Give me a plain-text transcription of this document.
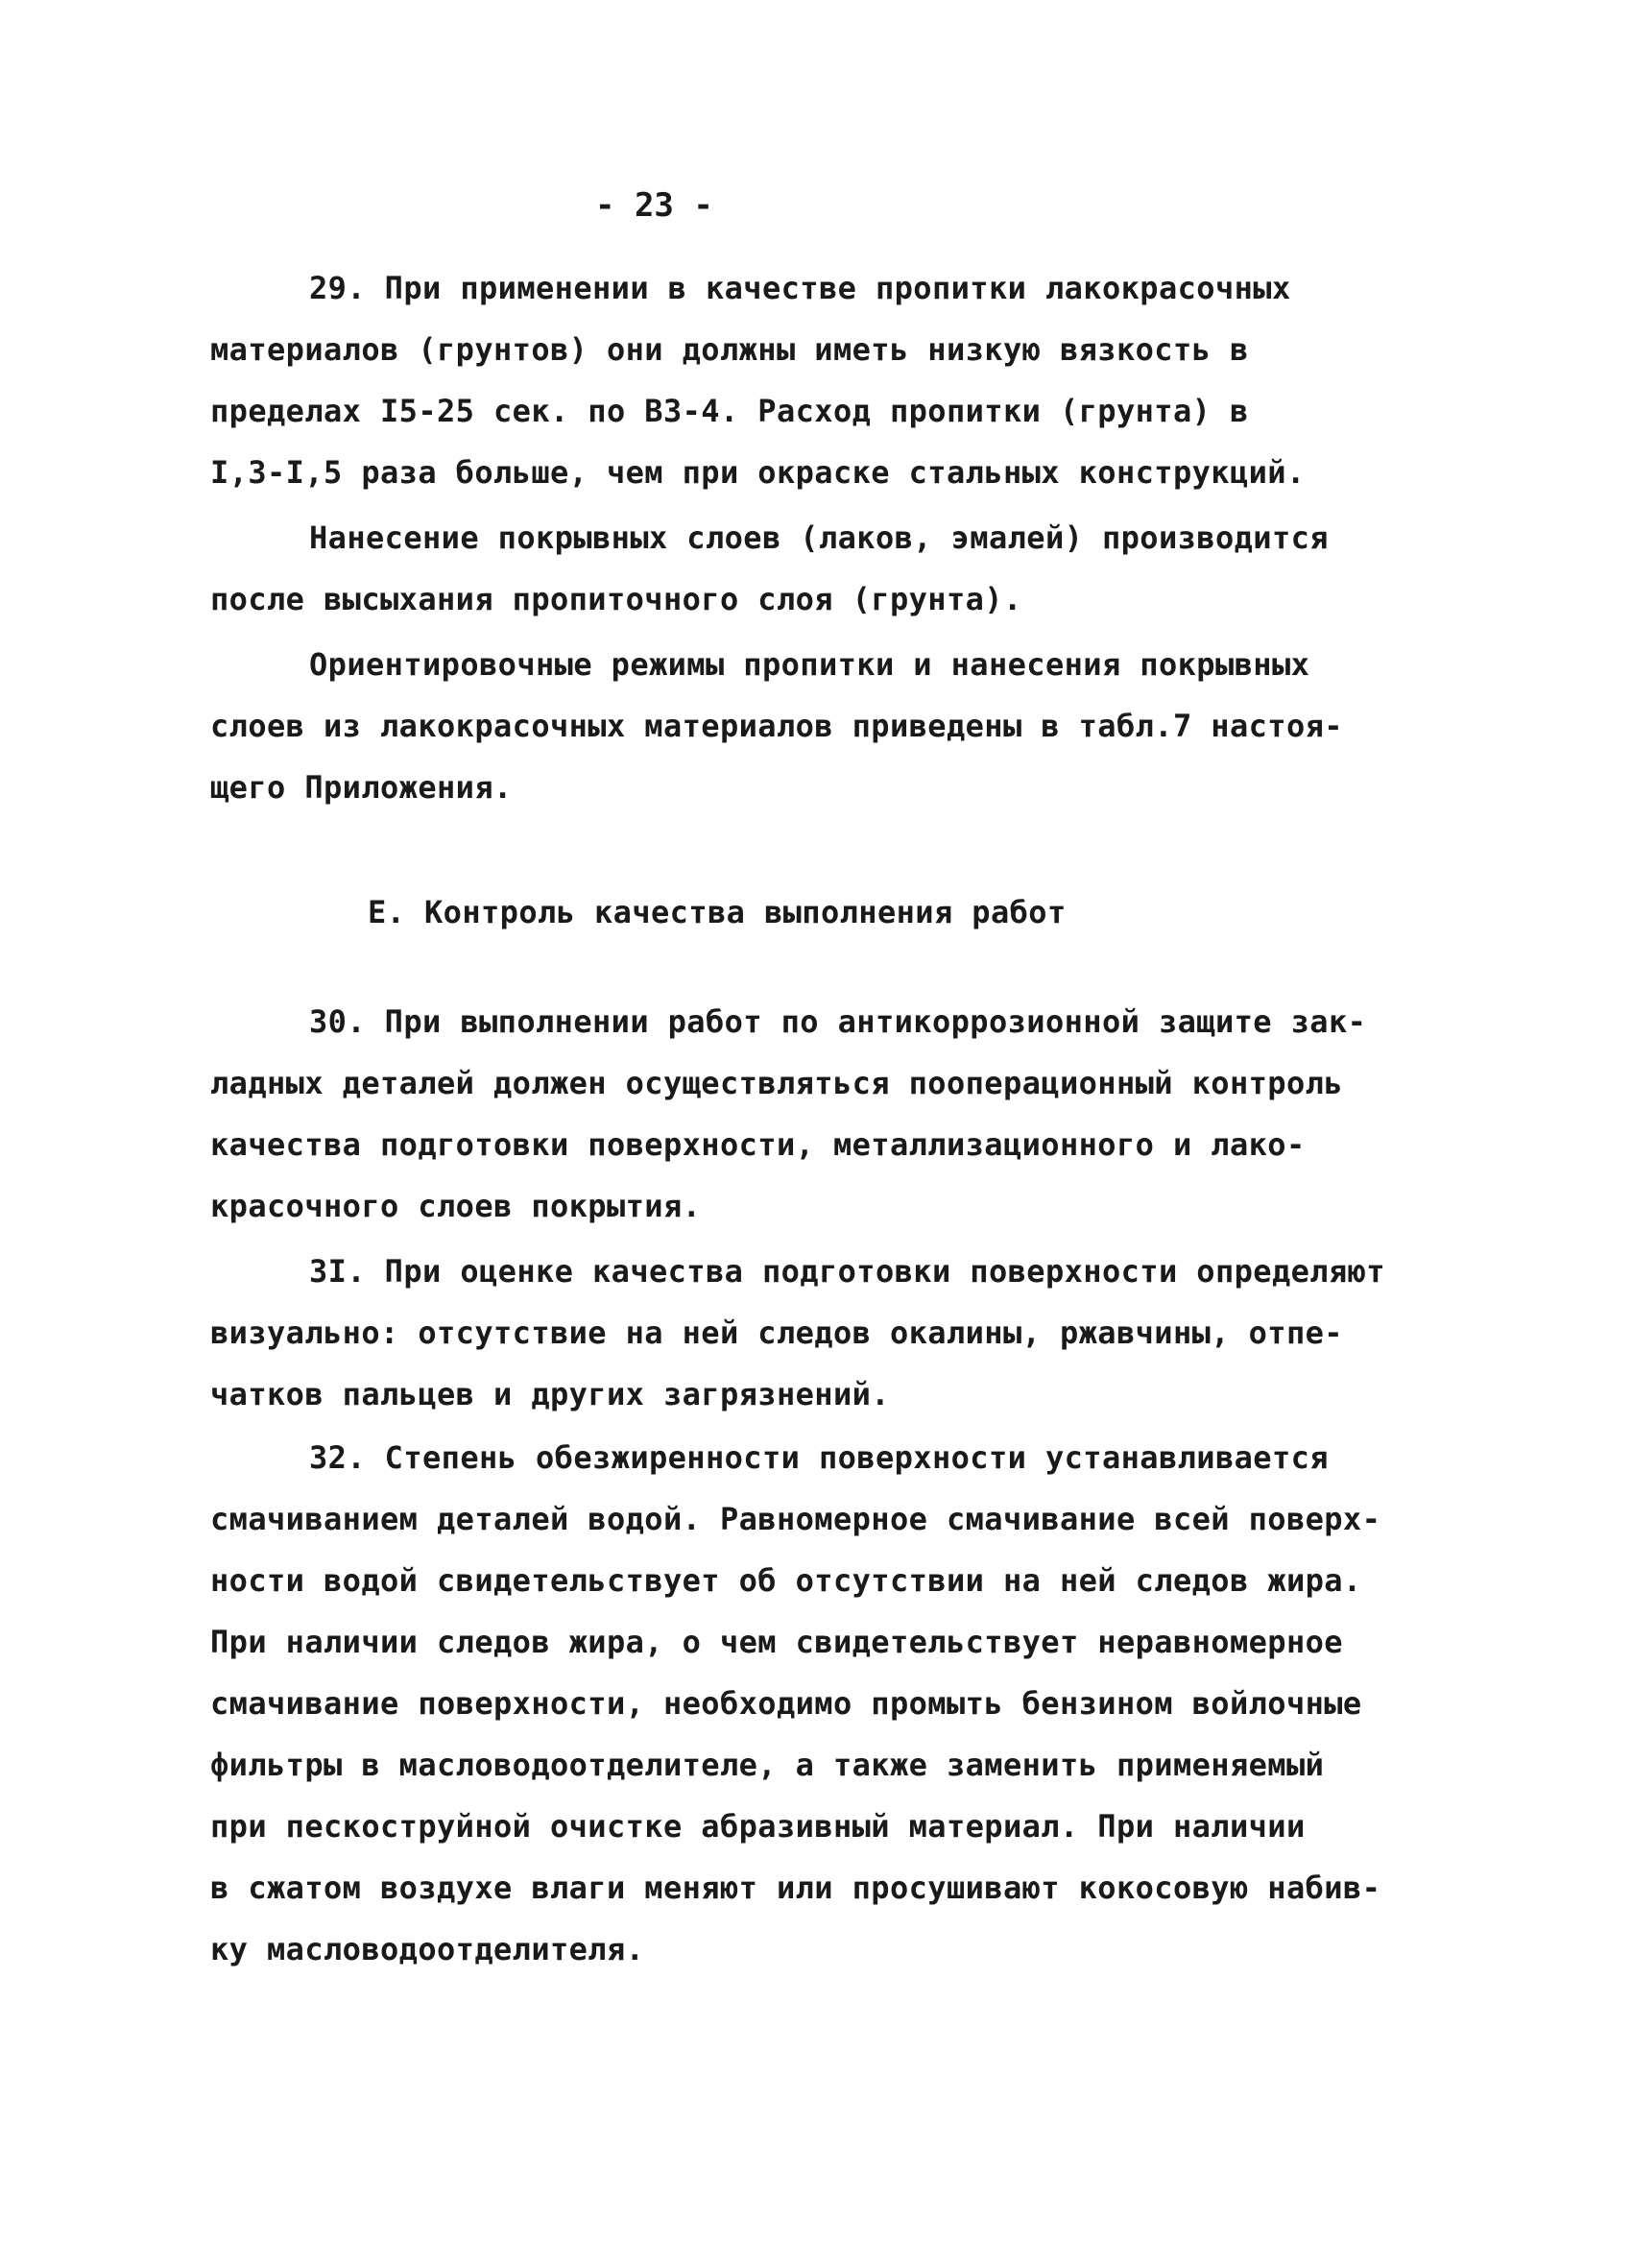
- 23 -
29. При применении в качестве пропитки лакокрасочных
материалов (грунтов) они должны иметь низкую вязкость в
пределах I5-25 сек. по ВЗ-4. Расход пропитки (грунта) в
I,3-I,5 раза больше, чем при окраске стальных конструкций.
Нанесение покрывных слоев (лаков, эмалей) производится
после высыхания пропиточного слоя (грунта).
Ориентировочные режимы пропитки и нанесения покрывных
слоев из лакокрасочных материалов приведены в табл.7 настоя-
щего Приложения.
Е. Контроль качества выполнения работ
30. При выполнении работ по антикоррозионной защите зак-
ладных деталей должен осуществляться пооперационный контроль
качества подготовки поверхности, металлизационного и лако-
красочного слоев покрытия.
3I. При оценке качества подготовки поверхности определяют
визуально: отсутствие на ней следов окалины, ржавчины, отпе-
чатков пальцев и других загрязнений.
32. Степень обезжиренности поверхности устанавливается
смачиванием деталей водой. Равномерное смачивание всей поверх-
ности водой свидетельствует об отсутствии на ней следов жира.
При наличии следов жира, о чем свидетельствует неравномерное
смачивание поверхности, необходимо промыть бензином войлочные
фильтры в масловодоотделителе, а также заменить применяемый
при пескоструйной очистке абразивный материал. При наличии
в сжатом воздухе влаги меняют или просушивают кокосовую набив-
ку масловодоотделителя.
